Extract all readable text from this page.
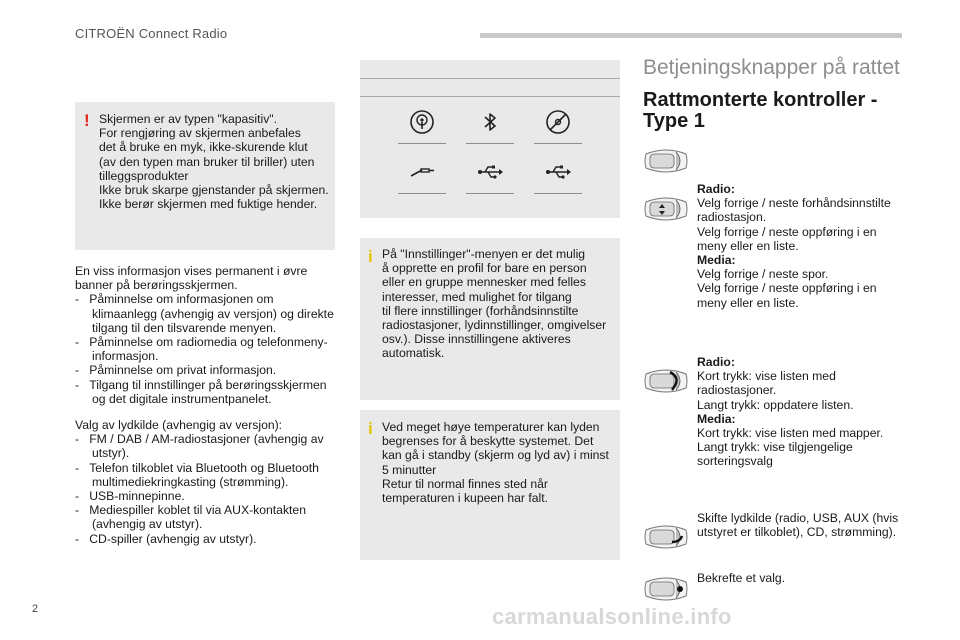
CITROËN Connect Radio
! Skjermen er av typen "kapasitiv".
For rengjøring av skjermen anbefales
det å bruke en myk, ikke-skurende klut
(av den typen man bruker til briller) uten
tilleggsprodukter
Ikke bruk skarpe gjenstander på skjermen.
Ikke berør skjermen med fuktige hender.

En viss informasjon vises permanent i øvre banner på berøringsskjermen.

-   Påminnelse om informasjonen om klimaanlegg (avhengig av versjon) og direkte tilgang til den tilsvarende menyen.

-   Påminnelse om radiomedia og telefonmeny-informasjon.

-   Påminnelse om privat informasjon.

-   Tilgang til innstillinger på berøringsskjermen og det digitale instrumentpanelet.

Valg av lydkilde (avhengig av versjon):

-   FM / DAB / AM-radiostasjoner (avhengig av utstyr).

-   Telefon tilkoblet via Bluetooth og Bluetooth multimediekringkasting (strømming).

-   USB-minnepinne.

-   Mediespiller koblet til via AUX-kontakten (avhengig av utstyr).

-   CD-spiller (avhengig av utstyr).

i På "Innstillinger"-menyen er det mulig
å opprette en profil for bare en person
eller en gruppe mennesker med felles
interesser, med mulighet for tilgang
til flere innstillinger (forhåndsinnstilte
radiostasjoner, lydinnstillinger, omgivelser
osv.). Disse innstillingene aktiveres
automatisk.

i Ved meget høye temperaturer kan lyden
begrenses for å beskytte systemet. Det
kan gå i standby (skjerm og lyd av) i minst
5 minutter
Retur til normal finnes sted når
temperaturen i kupeen har falt.

Betjeningsknapper på rattet
Rattmonterte kontroller - Type 1

Radio:

Velg forrige / neste forhåndsinnstilte radiostasjon.
Velg forrige / neste oppføring i en meny eller en liste.

Media:

Velg forrige / neste spor.
Velg forrige / neste oppføring i en meny eller en liste.

Radio:

Kort trykk: vise listen med radiostasjoner.
Langt trykk: oppdatere listen.

Media:

Kort trykk: vise listen med mapper.
Langt trykk: vise tilgjengelige sorteringsvalg

Skifte lydkilde (radio, USB, AUX (hvis utstyret er tilkoblet), CD, strømming).

Bekrefte et valg.

2	carmanualsonline.info
